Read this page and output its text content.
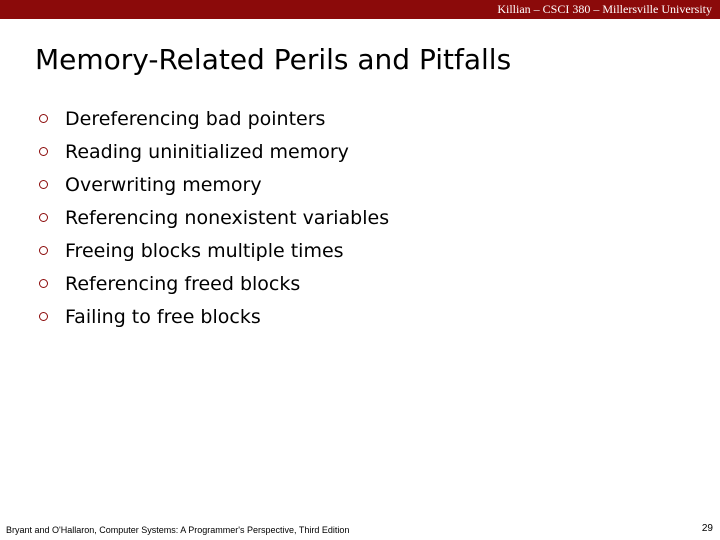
Killian – CSCI 380 – Millersville University
Memory-Related Perils and Pitfalls
Dereferencing bad pointers
Reading uninitialized memory
Overwriting memory
Referencing nonexistent variables
Freeing blocks multiple times
Referencing freed blocks
Failing to free blocks
Bryant and O'Hallaron, Computer Systems: A Programmer's Perspective, Third Edition	29
